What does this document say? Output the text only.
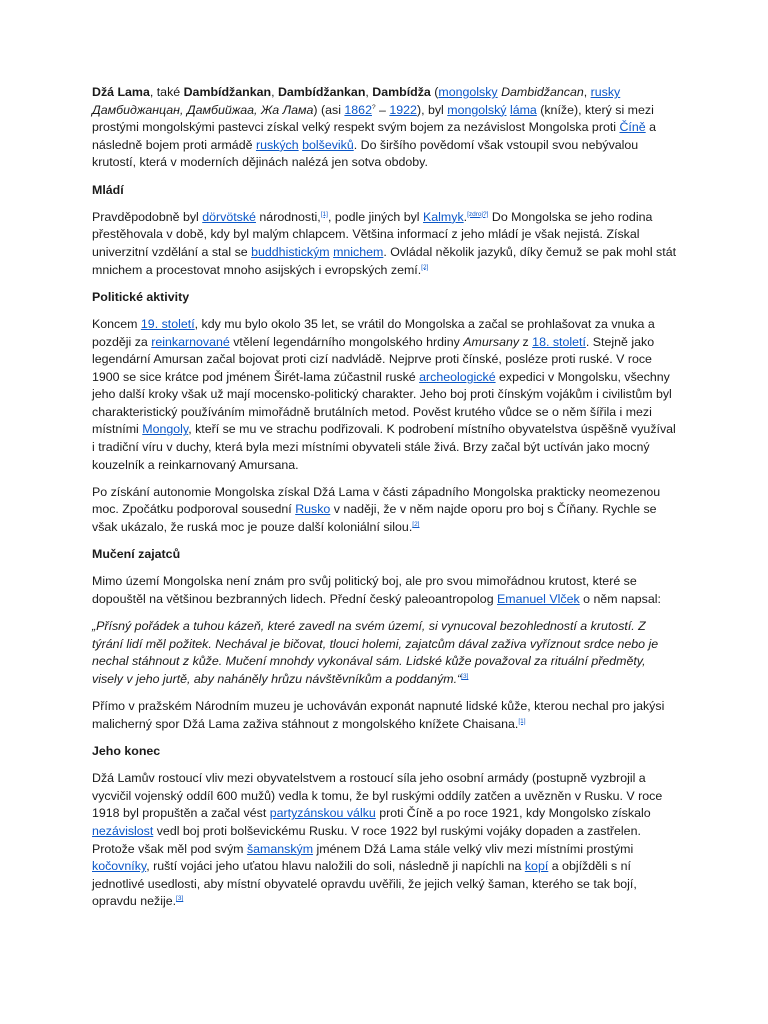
Džá Lama, také Dambídžankan, Dambídžankan, Dambídža (mongolsky Dambidžancan, rusky Дамбиджанцан, Дамбийжаа, Жа Лама) (asi 1862? – 1922), byl mongolský láma (kníže), který si mezi prostými mongolskými pastevci získal velký respekt svým bojem za nezávislost Mongolska proti Číně a následně bojem proti armádě ruských bolševiků. Do širšího povědomí však vstoupil svou nebývalou krutostí, která v moderních dějinách nalézá jen sotva obdoby.

Mládí

Pravděpodobně byl dörvötské národnosti,[1], podle jiných byl Kalmyk.[zdroj?] Do Mongolska se jeho rodina přestěhovala v době, kdy byl malým chlapcem. Většina informací z jeho mládí je však nejistá. Získal univerzitní vzdělání a stal se buddhistickým mnichem. Ovládal několik jazyků, díky čemuž se pak mohl stát mnichem a procestovat mnoho asijských i evropských zemí.[2]

Politické aktivity

Koncem 19. století, kdy mu bylo okolo 35 let, se vrátil do Mongolska a začal se prohlašovat za vnuka a později za reinkarnované vtělení legendárního mongolského hrdiny Amursany z 18. století. Stejně jako legendární Amursan začal bojovat proti cizí nadvládě. Nejprve proti čínské, posléze proti ruské. V roce 1900 se sice krátce pod jménem Širét-lama zúčastnil ruské archeologické expedici v Mongolsku, všechny jeho další kroky však už mají mocensko-politický charakter. Jeho boj proti čínským vojákům i civilistům byl charakteristický používáním mimořádně brutálních metod. Pověst krutého vůdce se o něm šířila i mezi místními Mongoly, kteří se mu ve strachu podřizovali. K podrobení místního obyvatelstva úspěšně využíval i tradiční víru v duchy, která byla mezi místními obyvateli stále živá. Brzy začal být uctíván jako mocný kouzelník a reinkarnovaný Amursana.

Po získání autonomie Mongolska získal Džá Lama v části západního Mongolska prakticky neomezenou moc. Zpočátku podporoval sousední Rusko v naději, že v něm najde oporu pro boj s Číňany. Rychle se však ukázalo, že ruská moc je pouze další koloniální silou.[2]

Mučení zajatců

Mimo území Mongolska není znám pro svůj politický boj, ale pro svou mimořádnou krutost, které se dopouštěl na většinou bezbranných lidech. Přední český paleoantropolog Emanuel Vlček o něm napsal:

„Přísný pořádek a tuhou kázeň, které zavedl na svém území, si vynucoval bezohledností a krutostí. Z týrání lidí měl požitek. Nechával je bičovat, tlouci holemi, zajatcům dával zaživa vyříznout srdce nebo je nechal stáhnout z kůže. Mučení mnohdy vykonával sám. Lidské kůže považoval za rituální předměty, visely v jeho jurtě, aby naháněly hrůzu návštěvníkům a poddaným.“[3]

Přímo v pražském Národním muzeu je uchováván exponát napnuté lidské kůže, kterou nechal pro jakýsi malicherný spor Džá Lama zaživa stáhnout z mongolského knížete Chaisana.[1]

Jeho konec

Džá Lamův rostoucí vliv mezi obyvatelstvem a rostoucí síla jeho osobní armády (postupně vyzbrojil a vycvičil vojenský oddíl 600 mužů) vedla k tomu, že byl ruskými oddíly zatčen a uvězněn v Rusku. V roce 1918 byl propuštěn a začal vést partyzánskou válku proti Číně a po roce 1921, kdy Mongolsko získalo nezávislost vedl boj proti bolševickému Rusku. V roce 1922 byl ruskými vojáky dopaden a zastřelen. Protože však měl pod svým šamanským jménem Džá Lama stále velký vliv mezi místními prostými kočovníky, ruští vojáci jeho uťatou hlavu naložili do soli, následně ji napíchli na kopí a objížděli s ní jednotlivé usedlosti, aby místní obyvatelé opravdu uvěřili, že jejich velký šaman, kterého se tak bojí, opravdu nežije.[3]
